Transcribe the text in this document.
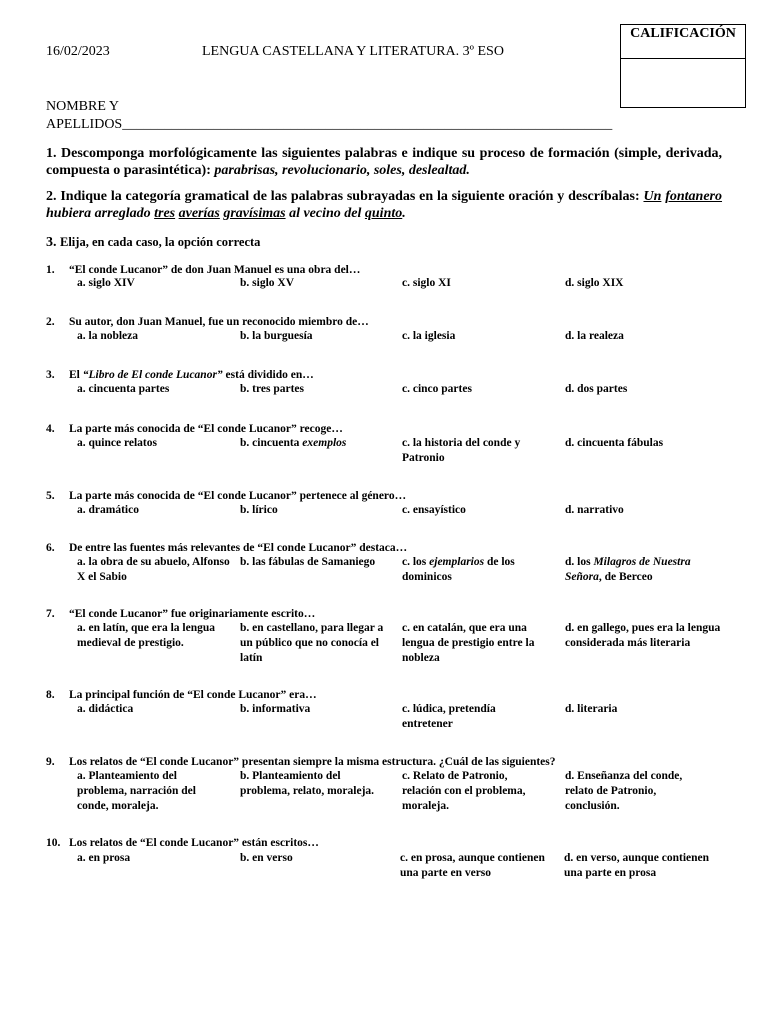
16/02/2023	LENGUA CASTELLANA Y LITERATURA. 3º ESO
CALIFICACIÓN
NOMBRE Y
APELLIDOS______________________________________________________________________
1. Descomponga morfológicamente las siguientes palabras e indique su proceso de formación (simple, derivada, compuesta o parasintética): parabrisas, revolucionario, soles, deslealtad.
2. Indique la categoría gramatical de las palabras subrayadas en la siguiente oración y descríbalas: Un fontanero hubiera arreglado tres averías gravísimas al vecino del quinto.
3. Elija, en cada caso, la opción correcta
1. “El conde Lucanor” de don Juan Manuel es una obra del…
a. siglo XIV	b. siglo XV	c. siglo XI	d. siglo XIX
2. Su autor, don Juan Manuel, fue un reconocido miembro de…
a. la nobleza	b. la burguesía	c. la iglesia	d. la realeza
3. El “Libro de El conde Lucanor” está dividido en…
a. cincuenta partes	b. tres partes	c. cinco partes	d. dos partes
4. La parte más conocida de “El conde Lucanor” recoge…
a. quince relatos	b. cincuenta exemplos	c. la historia del conde y Patronio
d. cincuenta fábulas
5. La parte más conocida de “El conde Lucanor” pertenece al género…
a. dramático	b. lírico	c. ensayístico	d. narrativo
6. De entre las fuentes más relevantes de “El conde Lucanor” destaca…
a. la obra de su abuelo, Alfonso X el Sabio
b. las fábulas de Samaniego	c. los ejemplarios de los dominicos
d. los Milagros de Nuestra Señora, de Berceo
7. “El conde Lucanor” fue originariamente escrito…
a. en latín, que era la lengua medieval de prestigio.
b. en castellano, para llegar a un público que no conocía el latín
c. en catalán, que era una lengua de prestigio entre la nobleza
d. en gallego, pues era la lengua considerada más literaria
8. La principal función de “El conde Lucanor” era…
a. didáctica	b. informativa	c. lúdica, pretendía entretener
d. literaria
9. Los relatos de “El conde Lucanor” presentan siempre la misma estructura. ¿Cuál de las siguientes?
a. Planteamiento del problema, narración del conde, moraleja.
b. Planteamiento del problema, relato, moraleja.
c. Relato de Patronio, relación con el problema, moraleja.
d. Enseñanza del conde, relato de Patronio, conclusión.
10. Los relatos de “El conde Lucanor” están escritos…
a. en prosa	b. en verso	c. en prosa, aunque contienen una parte en verso
d. en verso, aunque contienen una parte en prosa
